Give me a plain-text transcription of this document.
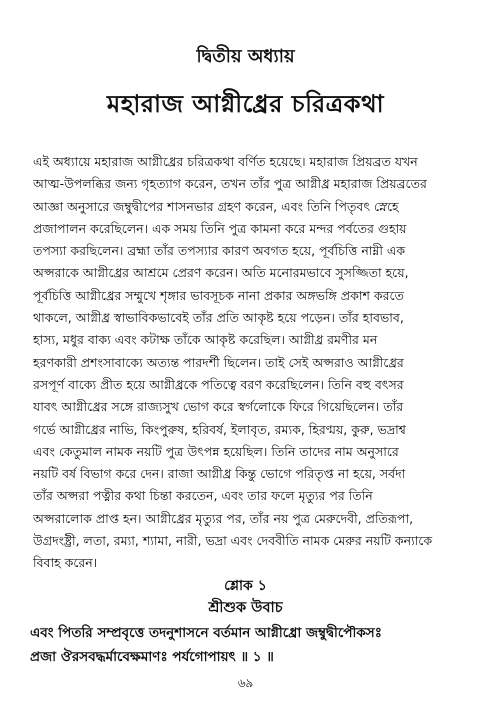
দ্বিতীয় অধ্যায়
মহারাজ আগ্নীধ্রের চরিত্রকথা
এই অধ্যায়ে মহারাজ আগ্নীধ্রের চরিত্রকথা বর্ণিত হয়েছে। মহারাজ প্রিয়ব্রত যখন
আত্ম-উপলব্ধির জন্য গৃহত্যাগ করেন, তখন তাঁর পুত্র আগ্নীধ্র মহারাজ প্রিয়ব্রতের
আজ্ঞা অনুসারে জম্বুদ্বীপের শাসনভার গ্রহণ করেন, এবং তিনি পিতৃবৎ স্নেহে
প্রজাপালন করেছিলেন। এক সময় তিনি পুত্র কামনা করে মন্দর পর্বতের গুহায়
তপস্যা করছিলেন। ব্রহ্মা তাঁর তপস্যার কারণ অবগত হয়ে, পূর্বচিত্তি নাম্নী এক
অপ্সরাকে আগ্নীধ্রের আশ্রমে প্রেরণ করেন। অতি মনোরমভাবে সুসজ্জিতা হয়ে,
পূর্বচিত্তি আগ্নীধ্রের সম্মুখে শৃঙ্গার ভাবসূচক নানা প্রকার অঙ্গভঙ্গি প্রকাশ করতে
থাকলে, আগ্নীধ্র স্বাভাবিকভাবেই তাঁর প্রতি আকৃষ্ট হয়ে পড়েন। তাঁর হাবভাব,
হাস্য, মধুর বাক্য এবং কটাক্ষ তাঁকে আকৃষ্ট করেছিল। আগ্নীধ্র রমণীর মন
হরণকারী প্রশংসাবাক্যে অত্যন্ত পারদর্শী ছিলেন। তাই সেই অপ্সরাও আগ্নীধ্রের
রসপূর্ণ বাক্যে প্রীত হয়ে আগ্নীধ্রকে পতিত্বে বরণ করেছিলেন। তিনি বহু বৎসর
যাবৎ আগ্নীধ্রের সঙ্গে রাজ্যসুখ ভোগ করে স্বর্গলোকে ফিরে গিয়েছিলেন। তাঁর
গর্ভে আগ্নীধ্রের নাভি, কিংপুরুষ, হরিবর্ষ, ইলাবৃত, রম্যক, হিরণ্ময়, কুরু, ভদ্রাশ্ব
এবং কেতুমাল নামক নয়টি পুত্র উৎপন্ন হয়েছিল। তিনি তাদের নাম অনুসারে
নয়টি বর্ষ বিভাগ করে দেন। রাজা আগ্নীধ্র কিন্তু ভোগে পরিতৃপ্ত না হয়ে, সর্বদা
তাঁর অপ্সরা পত্নীর কথা চিন্তা করতেন, এবং তার ফলে মৃত্যুর পর তিনি
অপ্সরালোক প্রাপ্ত হন। আগ্নীধ্রের মৃত্যুর পর, তাঁর নয় পুত্র মেরুদেবী, প্রতিরূপা,
উগ্রদংষ্ট্রী, লতা, রম্যা, শ্যামা, নারী, ভদ্রা এবং দেববীতি নামক মেরুর নয়টি কন্যাকে
বিবাহ করেন।
শ্লোক ১
শ্রীশুক উবাচ
এবং পিতরি সম্প্রবৃত্তে তদনুশাসনে বর্তমান আগ্নীধ্রো জম্বুদ্বীপৌকসঃ
প্রজা ঔরসবদ্ধর্মাবেক্ষমাণঃ পর্যগোপায়ৎ ॥ ১ ॥
৬৯
